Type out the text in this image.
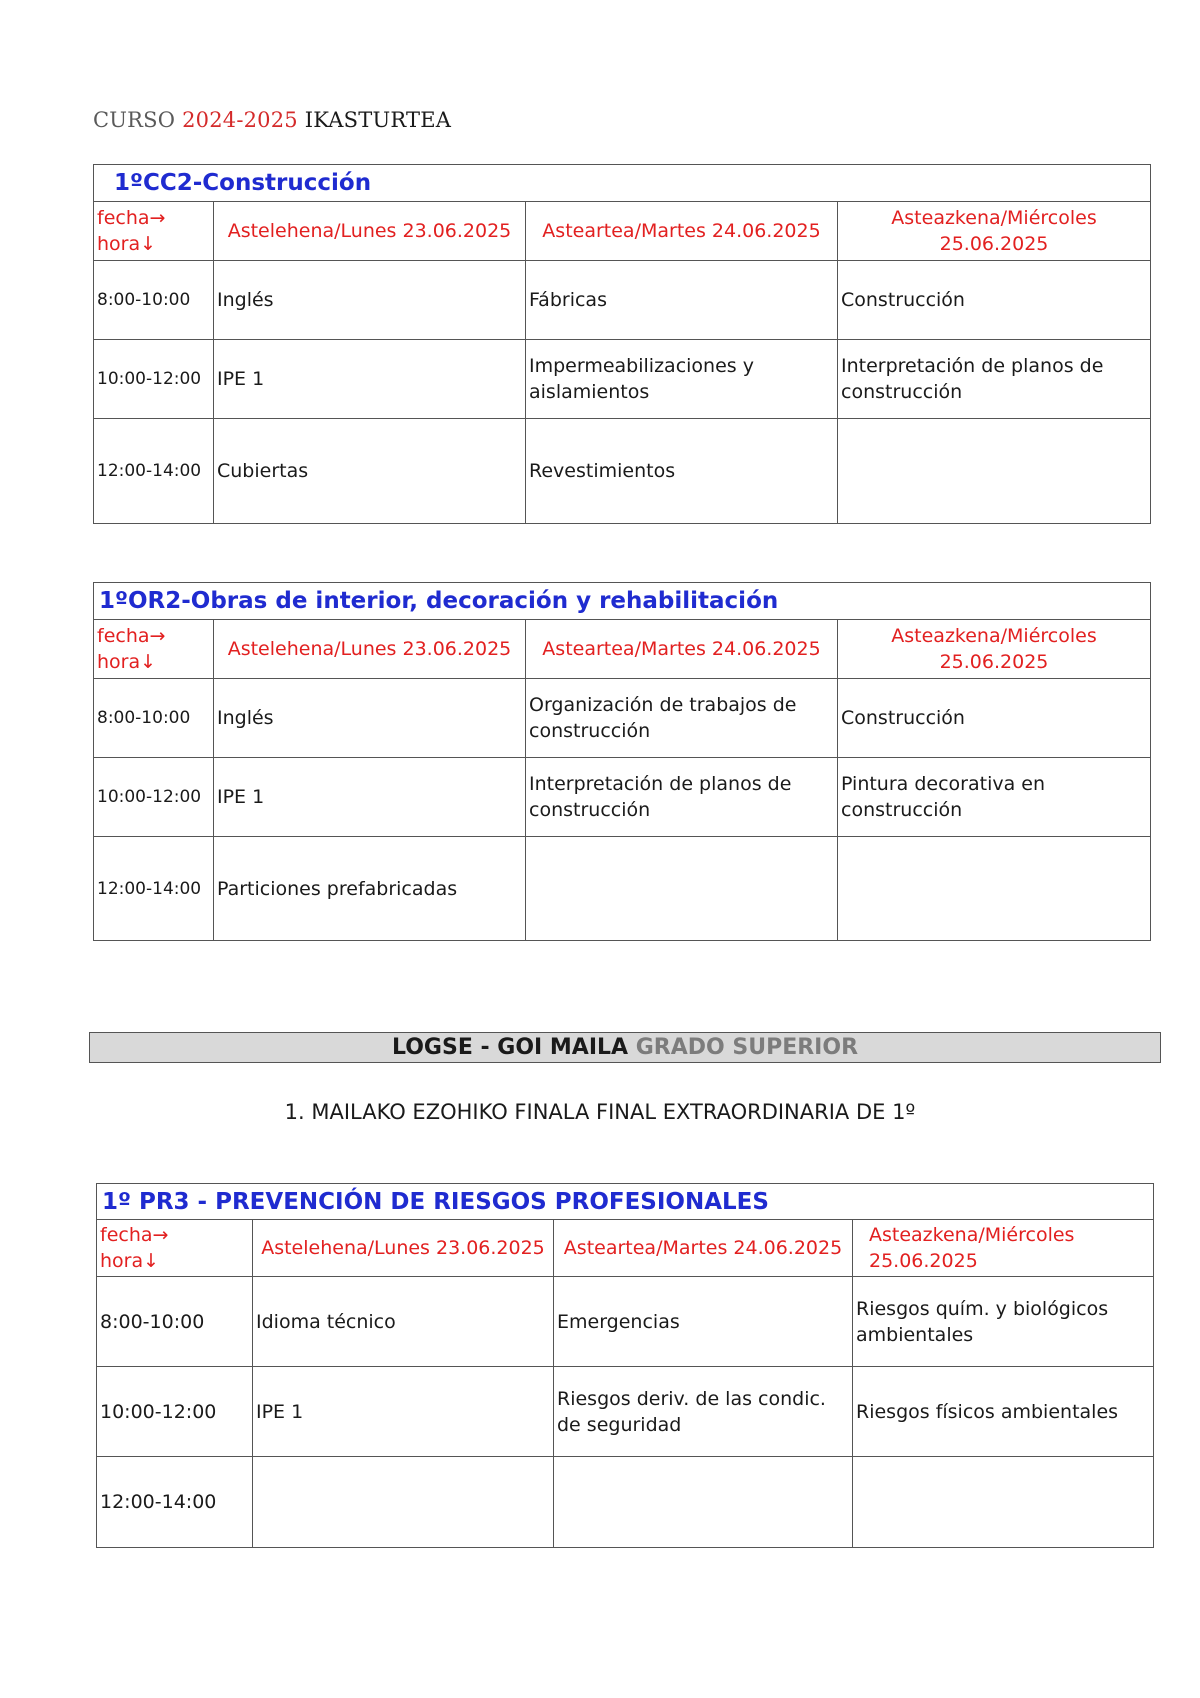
CURSO 2024-2025 IKASTURTEA
1ºCC2-Construcción			

fecha→
hora↓	Astelehena/Lunes 23.06.2025	Asteartea/Martes 24.06.2025	Asteazkena/Miércoles 25.06.2025
8:00-10:00	Inglés	Fábricas	Construcción
10:00-12:00	IPE 1	Impermeabilizaciones y aislamientos	Interpretación de planos de construcción
12:00-14:00	Cubiertas	Revestimientos	
1ºOR2-Obras de interior, decoración y rehabilitación			

fecha→
hora↓	Astelehena/Lunes 23.06.2025	Asteartea/Martes 24.06.2025	Asteazkena/Miércoles 25.06.2025
8:00-10:00	Inglés	Organización de trabajos de construcción	Construcción
10:00-12:00	IPE 1	Interpretación de planos de construcción	Pintura decorativa en construcción
12:00-14:00	Particiones prefabricadas		
LOGSE - GOI MAILA GRADO SUPERIOR
1. MAILAKO EZOHIKO FINALA FINAL EXTRAORDINARIA DE 1º
1º PR3 - PREVENCIÓN DE RIESGOS PROFESIONALES			

fecha→
hora↓	Astelehena/Lunes 23.06.2025	Asteartea/Martes 24.06.2025	Asteazkena/Miércoles 25.06.2025
8:00-10:00	Idioma técnico	Emergencias	Riesgos quím. y biológicos ambientales
10:00-12:00	IPE 1	Riesgos deriv. de las condic. de seguridad	Riesgos físicos ambientales
12:00-14:00			
